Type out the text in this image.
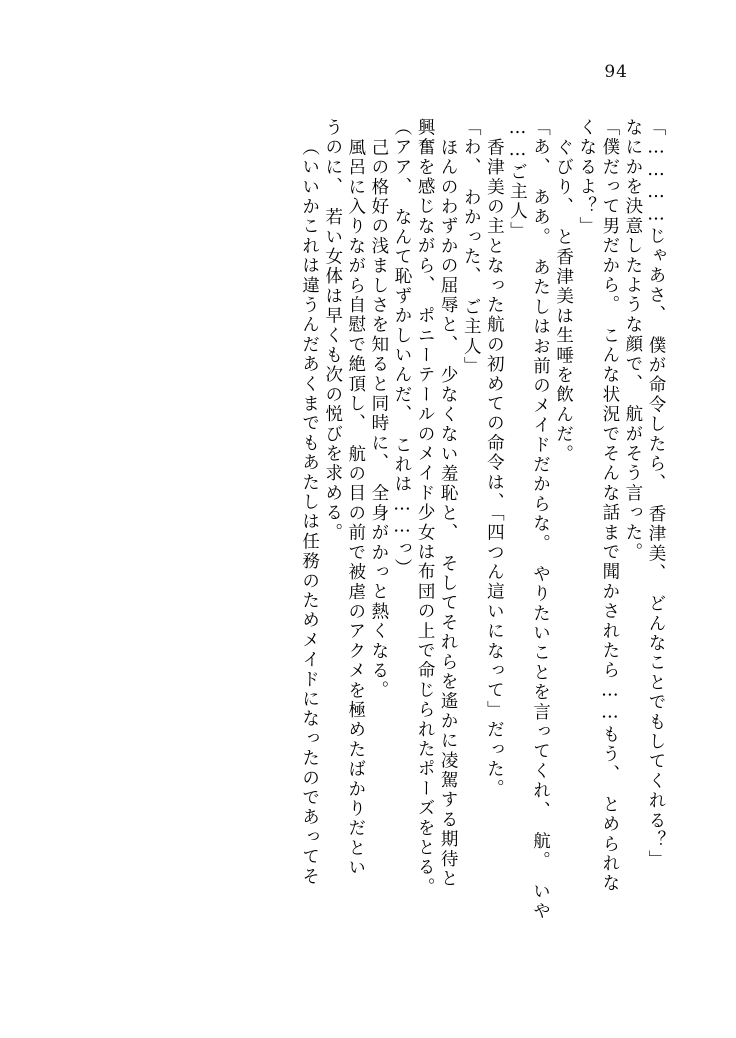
94
「…………じゃあさ、　僕が命令したら、　香津美、　どんなことでもしてくれる？」
なにかを決意したような顔で、　航がそう言った。
「僕だって男だから。　こんな状況でそんな話まで聞かされたら……もう、　とめられな
くなるよ？」
ぐびり、　と香津美は生唾を飲んだ。
「あ、　ああ。　あたしはお前のメイドだからな。　やりたいことを言ってくれ、　航。　いや
……ご主人」
香津美の主となった航の初めての命令は、「四つん這いになって」だった。
「わ、　わかった、　ご主人」
ほんのわずかの屈辱と、　少なくない羞恥と、　そしてそれらを遙かに凌駕する期待と
興奮を感じながら、　ポニーテールのメイド少女は布団の上で命じられたポーズをとる。
（アア、　なんて恥ずかしいんだ、　これは……っ）
己の格好の浅ましさを知ると同時に、　全身がかっと熱くなる。
風呂に入りながら自慰で絶頂し、　航の目の前で被虐のアクメを極めたばかりだとい
うのに、　若い女体は早くも次の悦びを求める。
（いいかこれは違うんだあくまでもあたしは任務のためメイドになったのであってそ
